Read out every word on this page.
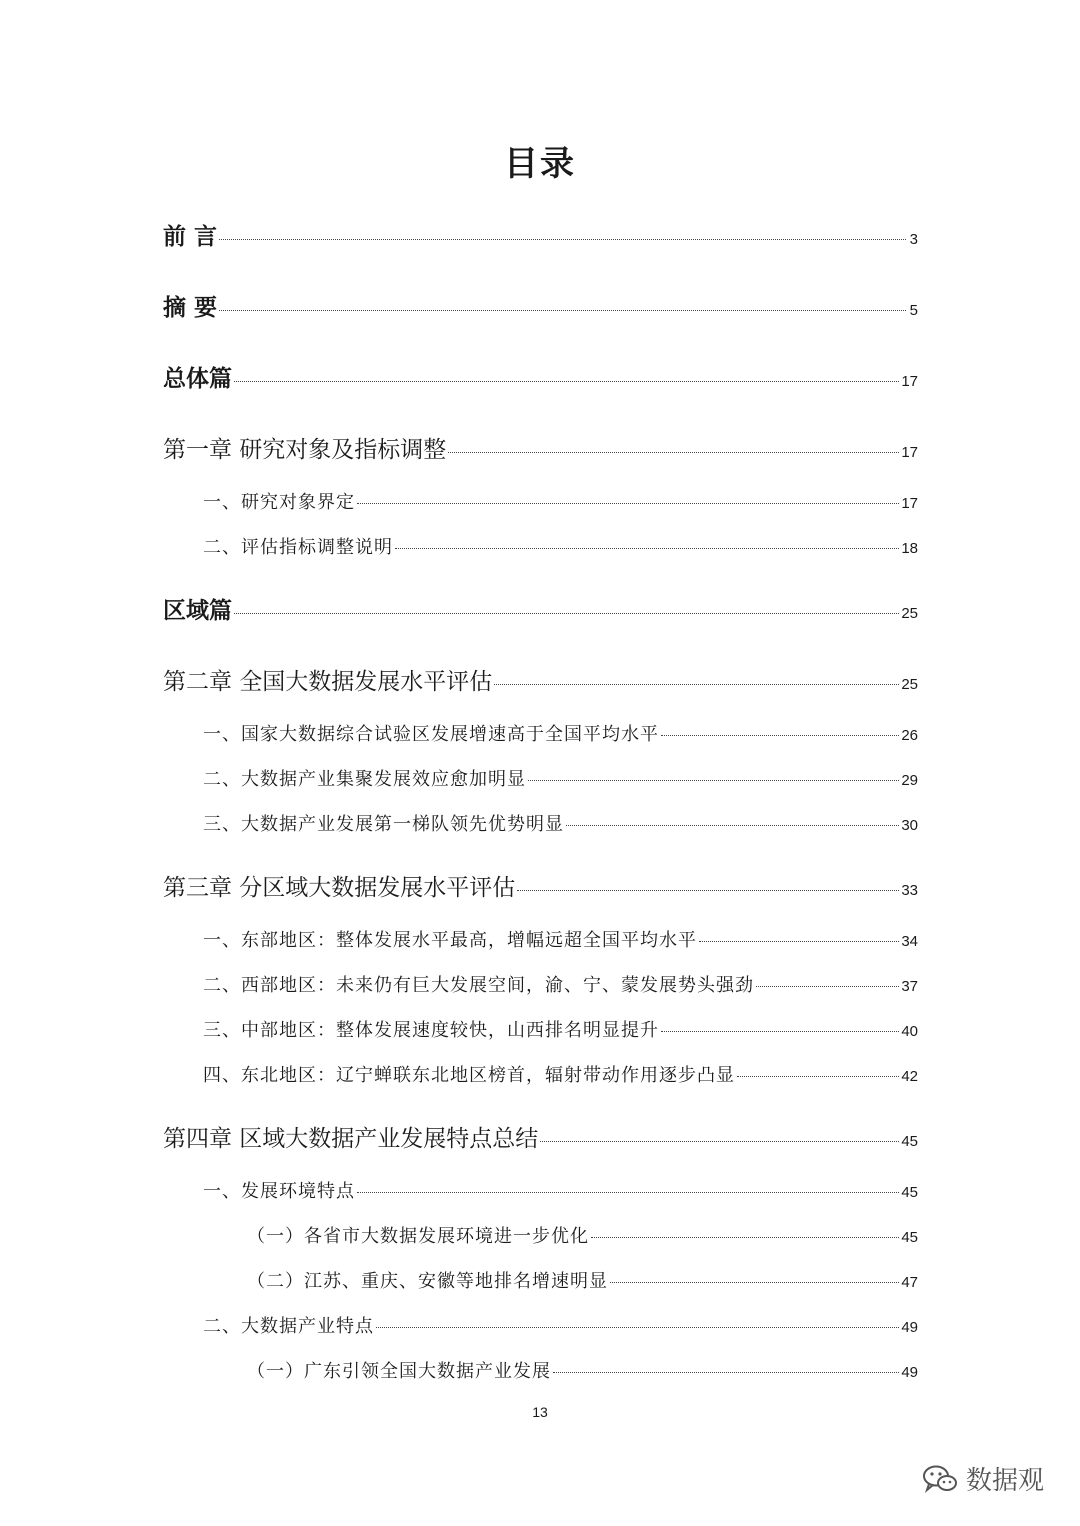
目录
前 言	3
摘 要	5
总体篇	17
第一章 研究对象及指标调整	17
一、研究对象界定	17
二、评估指标调整说明	18
区域篇	25
第二章 全国大数据发展水平评估	25
一、国家大数据综合试验区发展增速高于全国平均水平	26
二、大数据产业集聚发展效应愈加明显	29
三、大数据产业发展第一梯队领先优势明显	30
第三章 分区域大数据发展水平评估	33
一、东部地区：整体发展水平最高，增幅远超全国平均水平	34
二、西部地区：未来仍有巨大发展空间，渝、宁、蒙发展势头强劲	37
三、中部地区：整体发展速度较快，山西排名明显提升	40
四、东北地区：辽宁蝉联东北地区榜首，辐射带动作用逐步凸显	42
第四章 区域大数据产业发展特点总结	45
一、发展环境特点	45
（一）各省市大数据发展环境进一步优化	45
（二）江苏、重庆、安徽等地排名增速明显	47
二、大数据产业特点	49
（一）广东引领全国大数据产业发展	49
13
数据观
